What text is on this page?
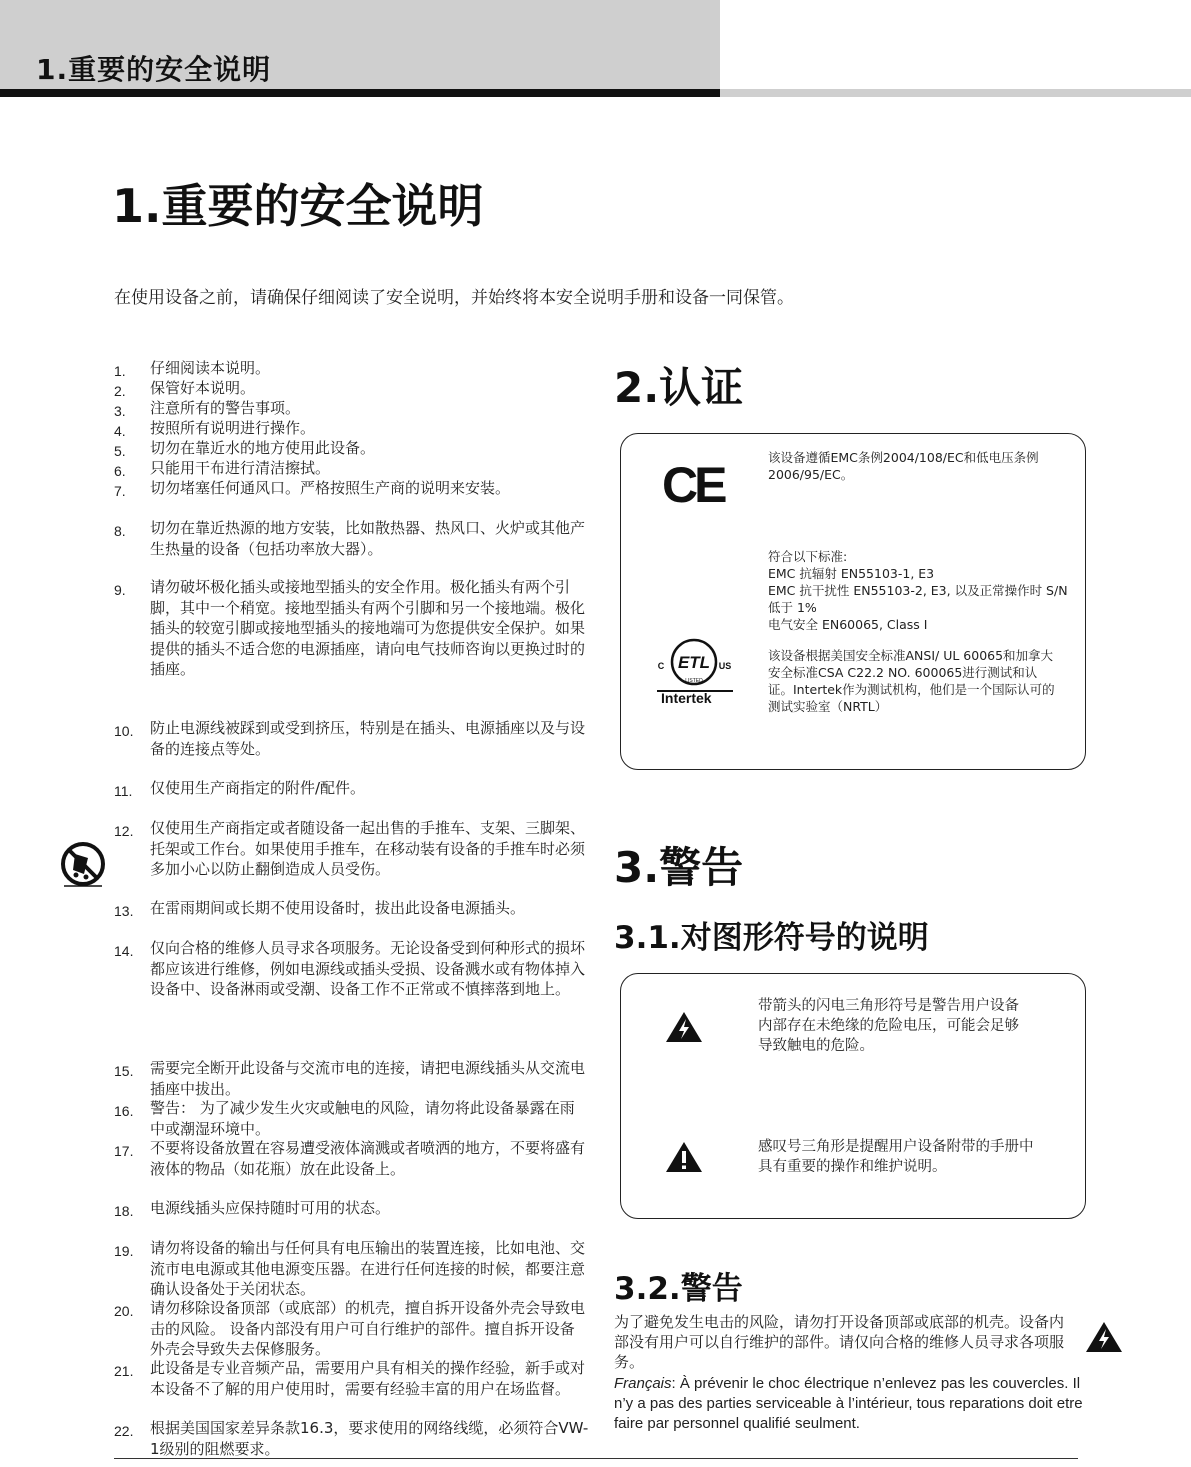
1.重要的安全说明
1.重要的安全说明
在使用设备之前，请确保仔细阅读了安全说明，并始终将本安全说明手册和设备一同保管。
1.	仔细阅读本说明。
2.	保管好本说明。
3.	注意所有的警告事项。
4.	按照所有说明进行操作。
5.	切勿在靠近水的地方使用此设备。
6.	只能用干布进行清洁擦拭。
7.	切勿堵塞任何通风口。严格按照生产商的说明来安装。
8.	切勿在靠近热源的地方安装，比如散热器、热风口、火炉或其他产生热量的设备（包括功率放大器）。
9.	请勿破坏极化插头或接地型插头的安全作用。极化插头有两个引脚，其中一个稍宽。接地型插头有两个引脚和另一个接地端。极化插头的较宽引脚或接地型插头的接地端可为您提供安全保护。如果提供的插头不适合您的电源插座，请向电气技师咨询以更换过时的插座。
10.	防止电源线被踩到或受到挤压，特别是在插头、电源插座以及与设备的连接点等处。
11.	仅使用生产商指定的附件/配件。
12.	仅使用生产商指定或者随设备一起出售的手推车、支架、三脚架、托架或工作台。如果使用手推车，在移动装有设备的手推车时必须多加小心以防止翻倒造成人员受伤。
13.	在雷雨期间或长期不使用设备时，拔出此设备电源插头。
14.	仅向合格的维修人员寻求各项服务。无论设备受到何种形式的损坏都应该进行维修，例如电源线或插头受损、设备溅水或有物体掉入设备中、设备淋雨或受潮、设备工作不正常或不慎摔落到地上。
15.	需要完全断开此设备与交流市电的连接，请把电源线插头从交流电插座中拔出。
16.	警告： 为了减少发生火灾或触电的风险，请勿将此设备暴露在雨中或潮湿环境中。
17.	不要将设备放置在容易遭受液体滴溅或者喷洒的地方，不要将盛有液体的物品（如花瓶）放在此设备上。
18.	电源线插头应保持随时可用的状态。
19.	请勿将设备的输出与任何具有电压输出的装置连接，比如电池、交流市电电源或其他电源变压器。在进行任何连接的时候，都要注意确认设备处于关闭状态。
20.	请勿移除设备顶部（或底部）的机壳，擅自拆开设备外壳会导致电击的风险。 设备内部没有用户可自行维护的部件。擅自拆开设备外壳会导致失去保修服务。
21.	此设备是专业音频产品，需要用户具有相关的操作经验，新手或对本设备不了解的用户使用时，需要有经验丰富的用户在场监督。
22.	根据美国国家差异条款16.3，要求使用的网络线缆，必须符合VW-1级别的阻燃要求。
2.认证
CE	该设备遵循EMC条例2004/108/EC和低电压条例2006/95/EC。
符合以下标准:
EMC 抗辐射 EN55103-1, E3
EMC 抗干扰性 EN55103-2, E3, 以及正常操作时 S/N 低于 1%
电气安全 EN60065, Class I
ETL
C	US
LISTED
Intertek
该设备根据美国安全标准ANSI/ UL 60065和加拿大安全标准CSA C22.2 NO. 600065进行测试和认证。Intertek作为测试机构，他们是一个国际认可的测试实验室（NRTL）
3.警告
3.1.对图形符号的说明
带箭头的闪电三角形符号是警告用户设备内部存在未绝缘的危险电压，可能会足够导致触电的危险。
感叹号三角形是提醒用户设备附带的手册中具有重要的操作和维护说明。
3.2.警告
为了避免发生电击的风险，请勿打开设备顶部或底部的机壳。设备内部没有用户可以自行维护的部件。请仅向合格的维修人员寻求各项服务。
Français: À prévenir le choc électrique n’enlevez pas les couvercles. Il n’y a pas des parties serviceable à l’intérieur, tous reparations doit etre faire par personnel qualifié seulment.
